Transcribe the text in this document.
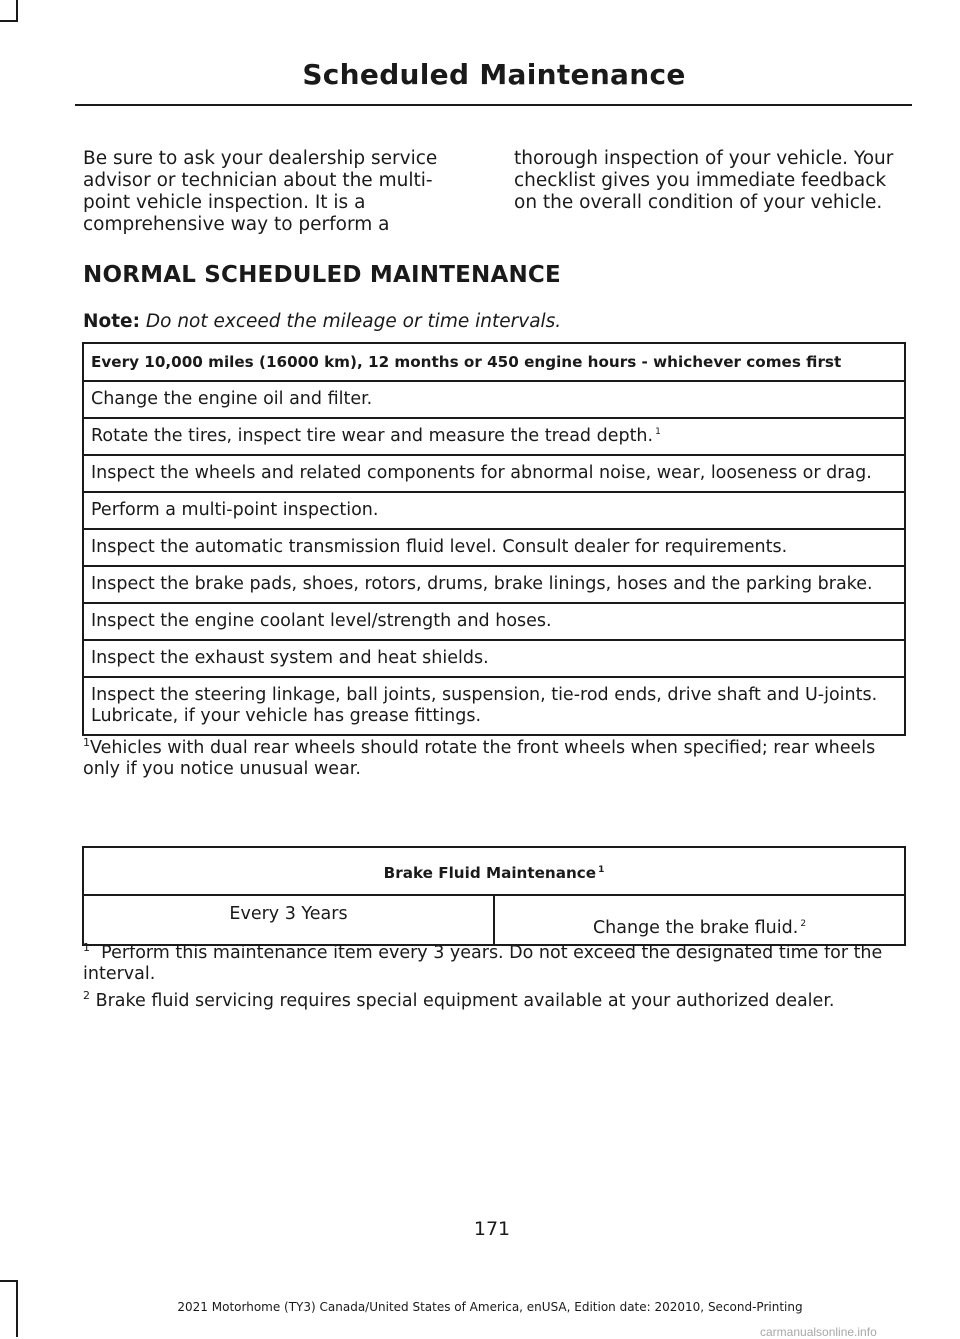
Scheduled Maintenance

Be sure to ask your dealership service advisor or technician about the multi-point vehicle inspection. It is a comprehensive way to perform a thorough inspection of your vehicle. Your checklist gives you immediate feedback on the overall condition of your vehicle.

NORMAL SCHEDULED MAINTENANCE
Note: Do not exceed the mileage or time intervals.
Every 10,000 miles (16000 km), 12 months or 450 engine hours - whichever comes first
Change the engine oil and filter.
Rotate the tires, inspect tire wear and measure the tread depth. $^1$
Inspect the wheels and related components for abnormal noise, wear, looseness or drag.
Perform a multi-point inspection.
Inspect the automatic transmission fluid level. Consult dealer for requirements.
Inspect the brake pads, shoes, rotors, drums, brake linings, hoses and the parking brake.
Inspect the engine coolant level/strength and hoses.
Inspect the exhaust system and heat shields.
Inspect the steering linkage, ball joints, suspension, tie-rod ends, drive shaft and U-joints. Lubricate, if your vehicle has grease fittings.

$^1$Vehicles with dual rear wheels should rotate the front wheels when specified; rear wheels only if you notice unusual wear.

Brake Fluid Maintenance $^1$
Every 3 Years	Change the brake fluid. $^2$

$^1$ Perform this maintenance item every 3 years. Do not exceed the designated time for the interval.

$^2$ Brake fluid servicing requires special equipment available at your authorized dealer.

171
2021 Motorhome (TY3) Canada/United States of America, enUSA, Edition date: 202010, Second-Printing
carmanualsonline.info
